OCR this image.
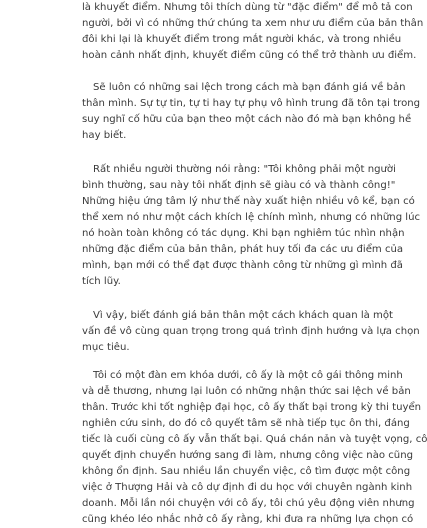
là khuyết điểm. Nhưng tôi thích dùng từ "đặc điểm" để mô tả con
người, bởi vì có những thứ chúng ta xem như ưu điểm của bản thân
đôi khi lại là khuyết điểm trong mắt người khác, và trong nhiều
hoàn cảnh nhất định, khuyết điểm cũng có thể trở thành ưu điểm.
Sẽ luôn có những sai lệch trong cách mà bạn đánh giá về bản
thân mình. Sự tự tin, tự ti hay tự phụ vô hình trung đã tôn tại trong
suy nghĩ cố hữu của bạn theo một cách nào đó mà bạn không hề
hay biết.
Rất nhiều người thường nói rằng: "Tôi không phải một người
bình thường, sau này tôi nhất định sẽ giàu có và thành công!"
Những hiệu ứng tâm lý như thế này xuất hiện nhiều vô kể, bạn có
thể xem nó như một cách khích lệ chính mình, nhưng có những lúc
nó hoàn toàn không có tác dụng. Khi bạn nghiêm túc nhìn nhận
những đặc điểm của bản thân, phát huy tối đa các ưu điểm của
mình, bạn mới có thể đạt được thành công từ những gì mình đã
tích lũy.
Vì vậy, biết đánh giá bản thân một cách khách quan là một
vấn đề vô cùng quan trọng trong quá trình định hướng và lựa chọn
mục tiêu.
Tôi có một đàn em khóa dưới, cô ấy là một cô gái thông minh
và dễ thương, nhưng lại luôn có những nhận thức sai lệch về bản
thân. Trước khi tốt nghiệp đại học, cô ấy thất bại trong kỳ thi tuyển
nghiên cứu sinh, do đó cô quyết tâm sẽ nhà tiếp tục ôn thi, đáng
tiếc là cuối cùng cô ấy vẫn thất bại. Quá chán nản và tuyệt vọng, cô
quyết định chuyển hướng sang đi làm, nhưng công việc nào cũng
không ổn định. Sau nhiều lần chuyển việc, cô tìm được một công
việc ở Thượng Hải và cô dự định đi du học với chuyên ngành kinh
doanh. Mỗi lần nói chuyện với cô ấy, tôi chú yêu động viên nhưng
cũng khéo léo nhắc nhở cô ấy rằng, khi đưa ra những lựa chọn có
